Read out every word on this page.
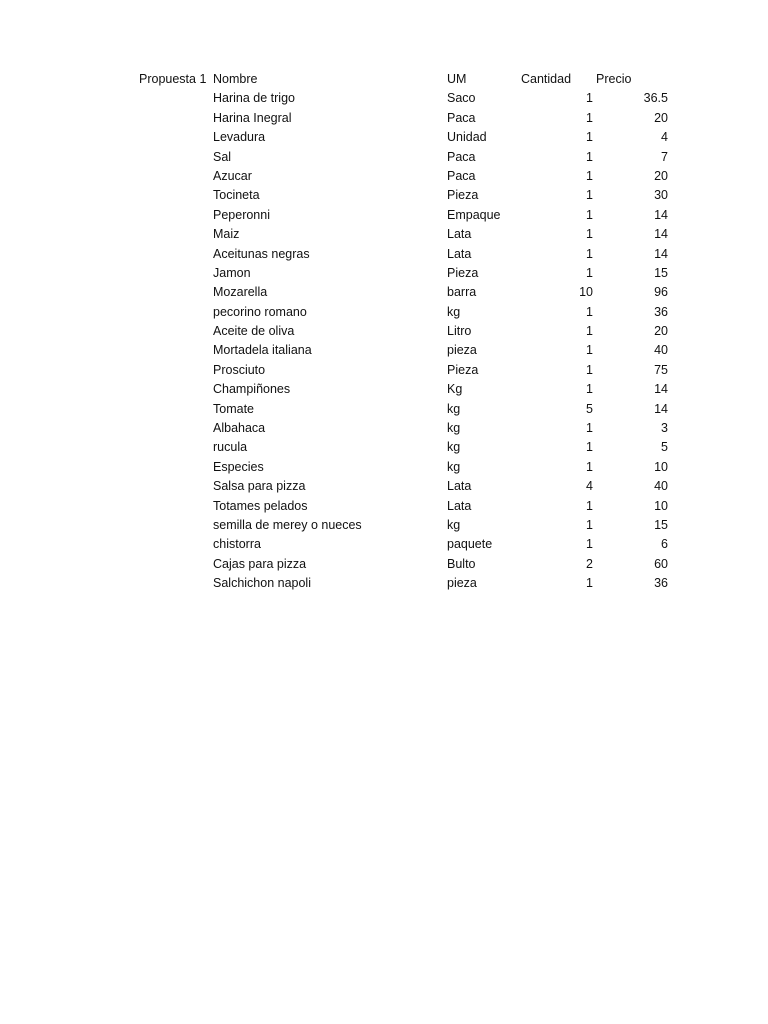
Propuesta 1 Nombre	UM	Cantidad Precio
Harina de trigo	Saco	1	36.5
Harina Inegral	Paca	1	20
Levadura	Unidad	1	4
Sal	Paca	1	7
Azucar	Paca	1	20
Tocineta	Pieza	1	30
Peperonni	Empaque	1	14
Maiz	Lata	1	14
Aceitunas negras	Lata	1	14
Jamon	Pieza	1	15
Mozarella	barra	10	96
pecorino romano	kg	1	36
Aceite de oliva	Litro	1	20
Mortadela italiana	pieza	1	40
Prosciuto	Pieza	1	75
Champiñones	Kg	1	14
Tomate	kg	5	14
Albahaca	kg	1	3
rucula	kg	1	5
Especies	kg	1	10
Salsa para pizza	Lata	4	40
Totames pelados	Lata	1	10
semilla de merey o nueces	kg	1	15
chistorra	paquete	1	6
Cajas para pizza	Bulto	2	60
Salchichon napoli	pieza	1	36
